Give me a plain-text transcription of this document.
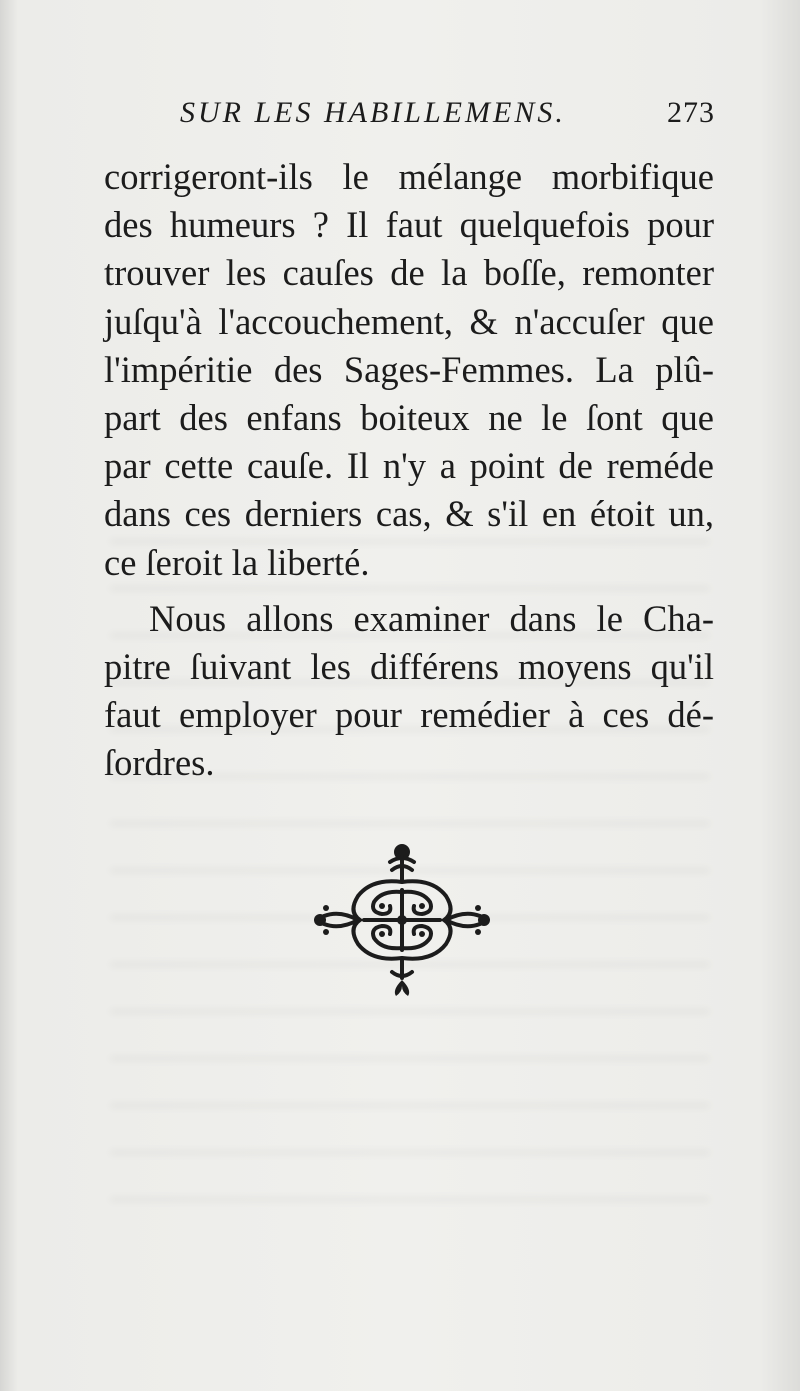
SUR LES HABILLEMENS.	273
corrigeront-ils le mélange morbifique
des humeurs ? Il faut quelquefois pour
trouver les cauſes de la boſſe, remonter
juſqu'à l'accouchement, & n'accuſer que
l'impéritie des Sages-Femmes. La plû-
part des enfans boiteux ne le ſont que
par cette cauſe. Il n'y a point de reméde
dans ces derniers cas, & s'il en étoit un,
ce ſeroit la liberté.
Nous allons examiner dans le Cha-
pitre ſuivant les différens moyens qu'il
faut employer pour remédier à ces dé-
ſordres.
